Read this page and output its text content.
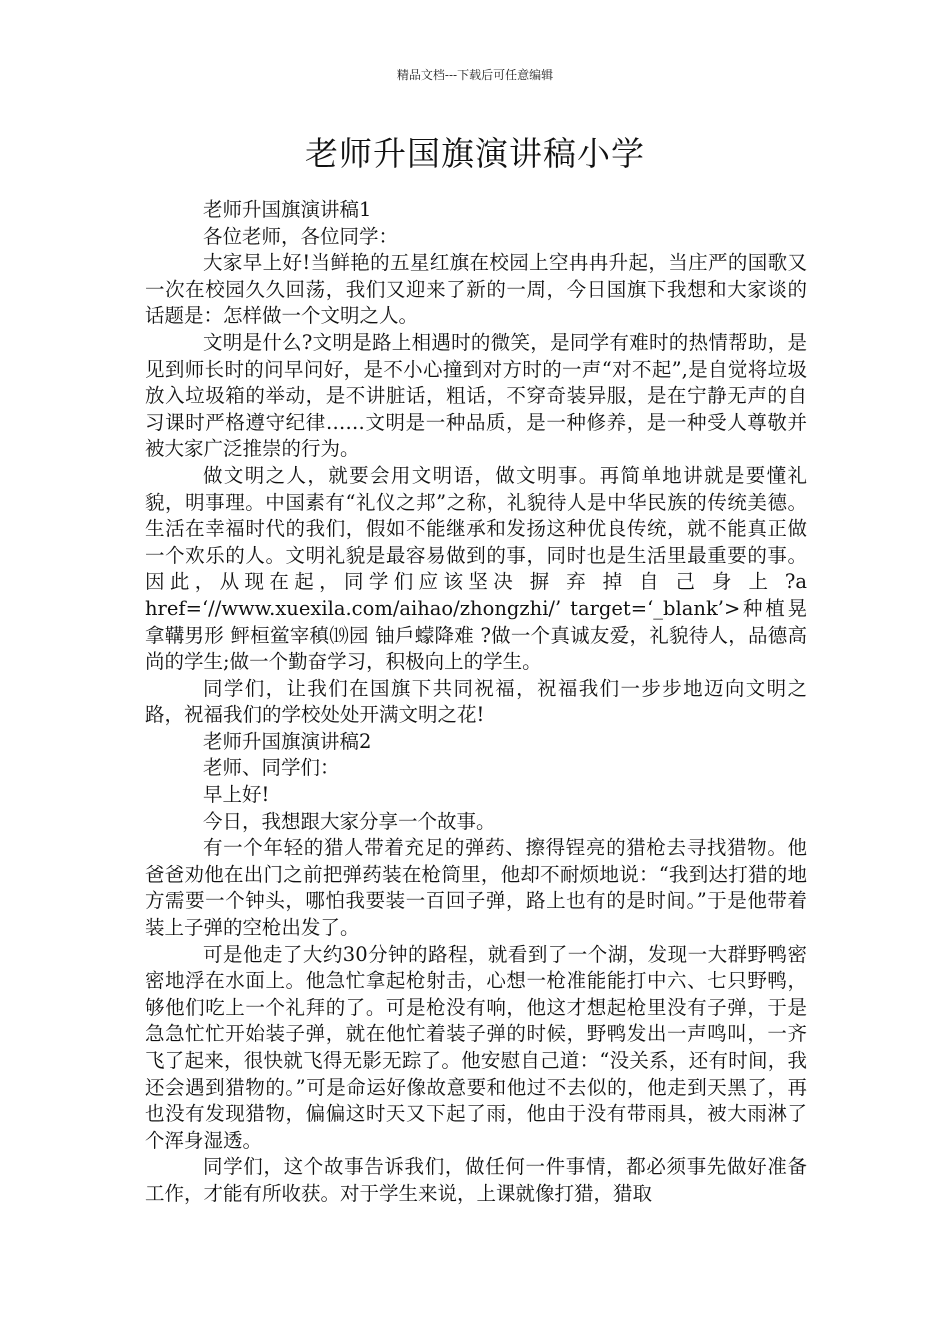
精品文档---下载后可任意编辑
老师升国旗演讲稿小学

老师升国旗演讲稿1

各位老师，各位同学：

大家早上好!当鲜艳的五星红旗在校园上空冉冉升起，当庄严的国歌又一次在校园久久回荡，我们又迎来了新的一周，今日国旗下我想和大家谈的话题是：怎样做一个文明之人。

文明是什么?文明是路上相遇时的微笑，是同学有难时的热情帮助，是见到师长时的问早问好，是不小心撞到对方时的一声“对不起”,是自觉将垃圾放入垃圾箱的举动，是不讲脏话，粗话，不穿奇装异服，是在宁静无声的自习课时严格遵守纪律……文明是一种品质，是一种修养，是一种受人尊敬并被大家广泛推崇的行为。

做文明之人，就要会用文明语，做文明事。再简单地讲就是要懂礼貌，明事理。中国素有“礼仪之邦”之称，礼貌待人是中华民族的传统美德。生活在幸福时代的我们，假如不能继承和发扬这种优良传统，就不能真正做一个欢乐的人。文明礼貌是最容易做到的事，同时也是生活里最重要的事。因此，从现在起，同学们应该坚决 摒 弃 掉 自 己 身 上 ?a href=‘//www.xuexila.com/aihao/zhongzhi/’ target=‘_blank’>种植晃拿鞲男形 鲆桓鲎宰稹⒆园 铀戶蠓降难 ?做一个真诚友爱，礼貌待人，品德高尚的学生;做一个勤奋学习，积极向上的学生。

同学们，让我们在国旗下共同祝福，祝福我们一步步地迈向文明之路，祝福我们的学校处处开满文明之花!

老师升国旗演讲稿2

老师、同学们：

早上好!

今日，我想跟大家分享一个故事。

有一个年轻的猎人带着充足的弹药、擦得锃亮的猎枪去寻找猎物。他爸爸劝他在出门之前把弹药装在枪筒里，他却不耐烦地说：“我到达打猎的地方需要一个钟头，哪怕我要装一百回子弹，路上也有的是时间。”于是他带着装上子弹的空枪出发了。

可是他走了大约30分钟的路程，就看到了一个湖，发现一大群野鸭密密地浮在水面上。他急忙拿起枪射击，心想一枪准能能打中六、七只野鸭，够他们吃上一个礼拜的了。可是枪没有响，他这才想起枪里没有子弹，于是急急忙忙开始装子弹，就在他忙着装子弹的时候，野鸭发出一声鸣叫，一齐飞了起来，很快就飞得无影无踪了。他安慰自己道：“没关系，还有时间，我还会遇到猎物的。”可是命运好像故意要和他过不去似的，他走到天黑了，再也没有发现猎物，偏偏这时天又下起了雨，他由于没有带雨具，被大雨淋了个浑身湿透。

同学们，这个故事告诉我们，做任何一件事情，都必须事先做好准备工作，才能有所收获。对于学生来说，上课就像打猎，猎取
